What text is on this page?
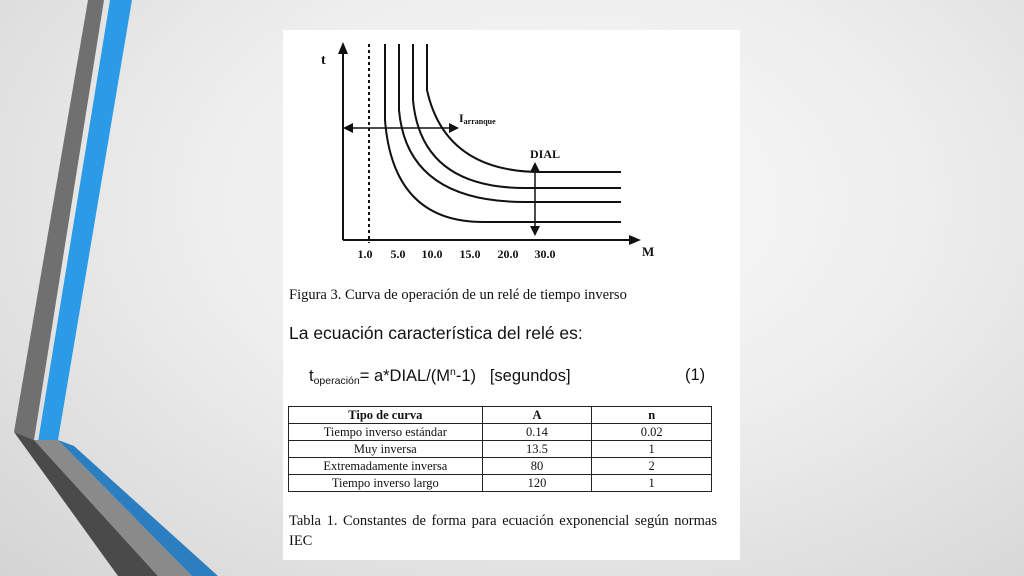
t
M
Iarranque
DIAL
1.0 5.0 10.0 15.0 20.0 30.0
Figura 3. Curva de operación de un relé de tiempo inverso
La ecuación característica del relé es:
$t_{operación}=$ $a*DIAL/(M^n-1)$ [segundos]	(1)
Tipo de curva	A	n
Tiempo inverso estándar	0.14	0.02
Muy inversa	13.5	1
Extremadamente inversa	80	2
Tiempo inverso largo	120	1
Tabla 1. Constantes de forma para ecuación exponencial según normas IEC
